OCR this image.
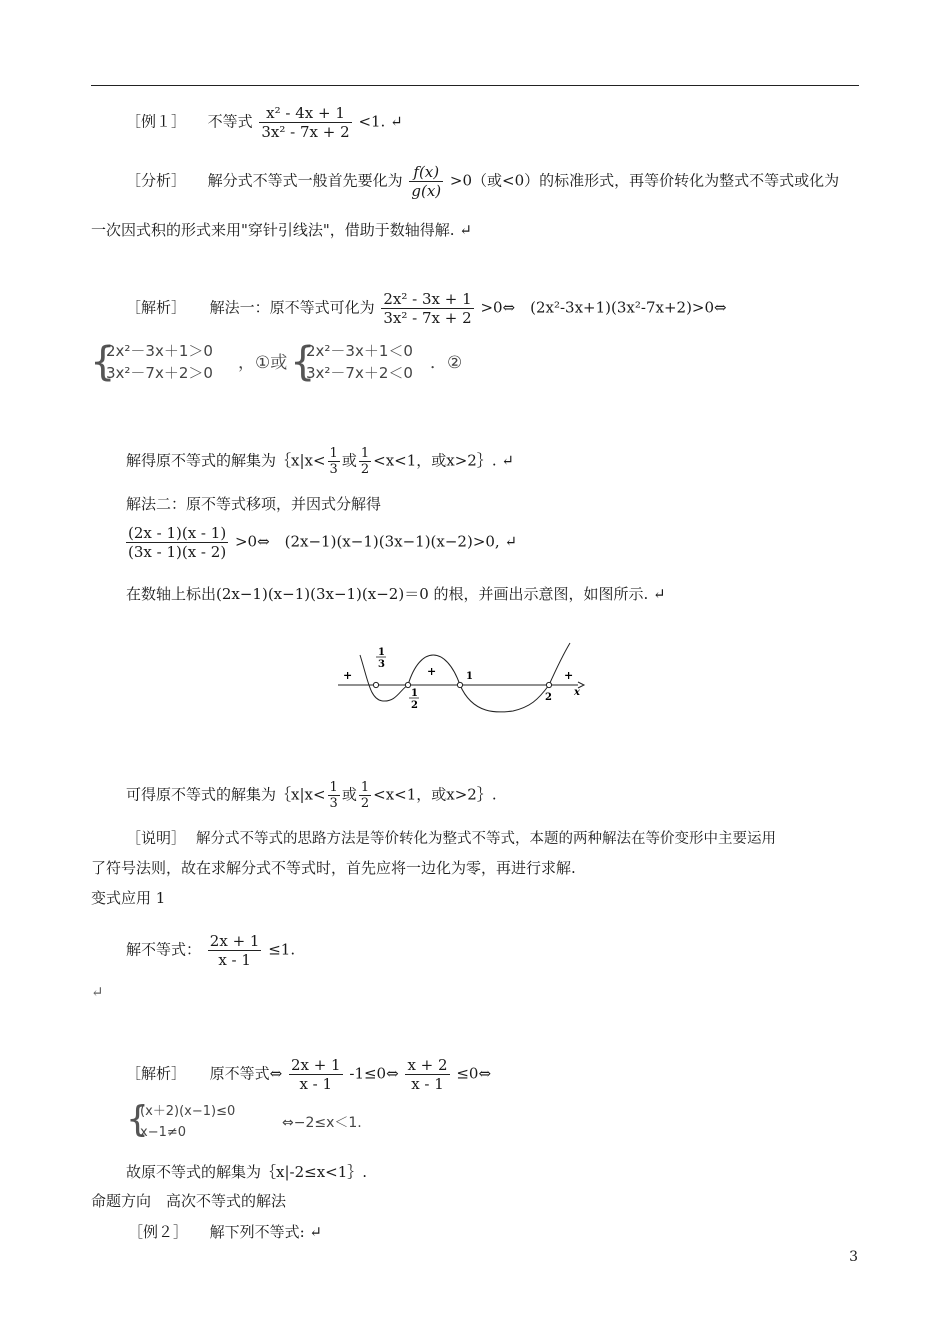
［例１］ 不等式 $\frac{\text{x² - 4x + 1}}{\text{3x² - 7x + 2}} <1$. ↵
［分析］ 解分式不等式一般首先要化为 $\frac{f(x)}{g(x)} >0$（或<0）的标准形式，再等价转化为整式不等式或化为
一次因式积的形式来用"穿针引线法"，借助于数轴得解. ↵
［解析］ 解法一：原不等式可化为 $\frac{\text{2x² - 3x + 1}}{\text{3x² - 7x + 2}}$ >0⇔　(2x²-3x+1)(3x²-7x+2)>0⇔
{
2x²－3x＋1＞0
3x²－7x＋2＞0 ，①或 {
2x²－3x＋1＜0
3x²－7x＋2＜0 ．②
解得原不等式的解集为｛x|x< $\frac{1}{3}$ 或 $\frac{1}{2} <x<1$，或x>2｝. ↵
解法二：原不等式移项，并因式分解得
$\frac{(2x - 1)(x - 1)}{(3x - 1)(x - 2)}$ >0⇔　(2x−1)(x−1)(3x−1)(x−2)>0, ↵
在数轴上标出(2x−1)(x−1)(3x−1)(x−2)＝0 的根，并画出示意图，如图所示. ↵
+	+	+
1
3
1
2
1
2 x
可得原不等式的解集为｛x|x< $\frac{1}{3}$ 或 $\frac{1}{2} <x<1$，或x>2｝.
［说明］ 解分式不等式的思路方法是等价转化为整式不等式，本题的两种解法在等价变形中主要运用
了符号法则，故在求解分式不等式时，首先应将一边化为零，再进行求解.
变式应用 1
解不等式： $\frac{2x + 1}{x - 1} \le 1$.
↵
［解析］ 原不等式⇔ $\frac{2x + 1}{x - 1}$ -1≤0⇔ $\frac{x + 2}{x - 1}$ ≤0⇔
{
(x＋2)(x−1)≤0
x−1≠0
⇔−2≤x＜1.
故原不等式的解集为｛x|-2≤x<1｝.
命题方向　高次不等式的解法
［例２］ 解下列不等式: ↵
3
